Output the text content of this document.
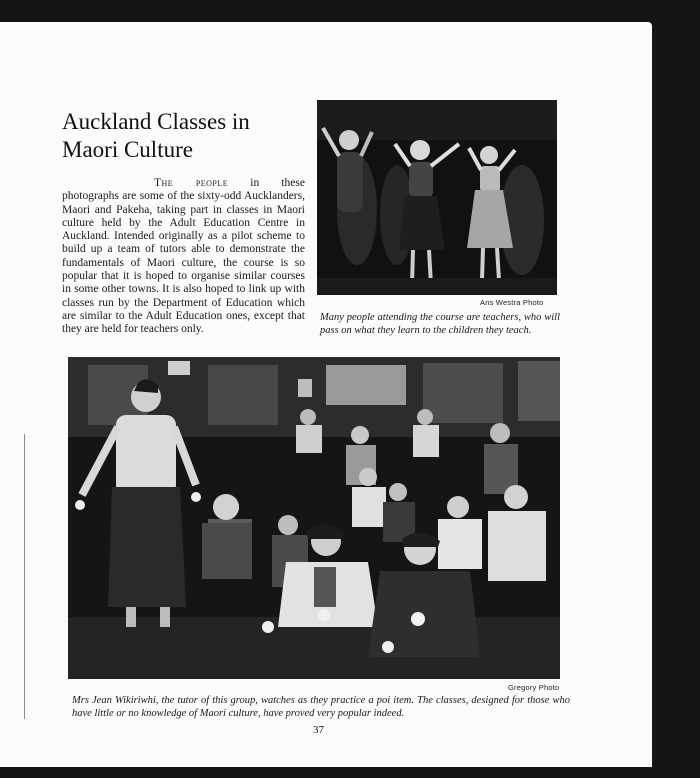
Auckland Classes in Maori Culture

The people in these photographs are some of the sixty-odd Aucklanders, Maori and Pakeha, taking part in classes in Maori culture held by the Adult Education Centre in Auckland. Intended originally as a pilot scheme to build up a team of tutors able to demonstrate the fundamentals of Maori culture, the course is so popular that it is hoped to organise similar courses in some other towns. It is also hoped to link up with classes run by the Department of Education which are similar to the Adult Education ones, except that they are held for teachers only.

Ans Westra Photo

Many people attending the course are teachers, who will pass on what they learn to the children they teach.

Gregory Photo

Mrs Jean Wikiriwhi, the tutor of this group, watches as they practice a poi item. The classes, designed for those who have little or no knowledge of Maori culture, have proved very popular indeed.

37
